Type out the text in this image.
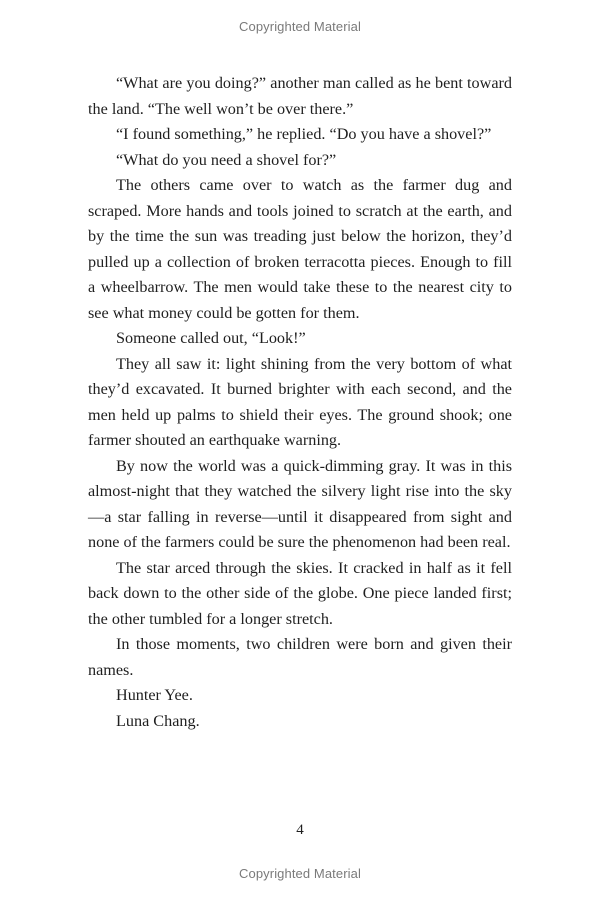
Copyrighted Material

“What are you doing?” another man called as he bent toward the land. “The well won’t be over there.”

“I found something,” he replied. “Do you have a shovel?”

“What do you need a shovel for?”

The others came over to watch as the farmer dug and scraped. More hands and tools joined to scratch at the earth, and by the time the sun was treading just below the horizon, they’d pulled up a collection of broken terracotta pieces. Enough to fill a wheelbarrow. The men would take these to the nearest city to see what money could be gotten for them.

Someone called out, “Look!”

They all saw it: light shining from the very bottom of what they’d excavated. It burned brighter with each second, and the men held up palms to shield their eyes. The ground shook; one farmer shouted an earthquake warning.

By now the world was a quick-dimming gray. It was in this almost-night that they watched the silvery light rise into the sky—a star falling in reverse—until it disappeared from sight and none of the farmers could be sure the phenomenon had been real.

The star arced through the skies. It cracked in half as it fell back down to the other side of the globe. One piece landed first; the other tumbled for a longer stretch.

In those moments, two children were born and given their names.

Hunter Yee.

Luna Chang.

4
Copyrighted Material
